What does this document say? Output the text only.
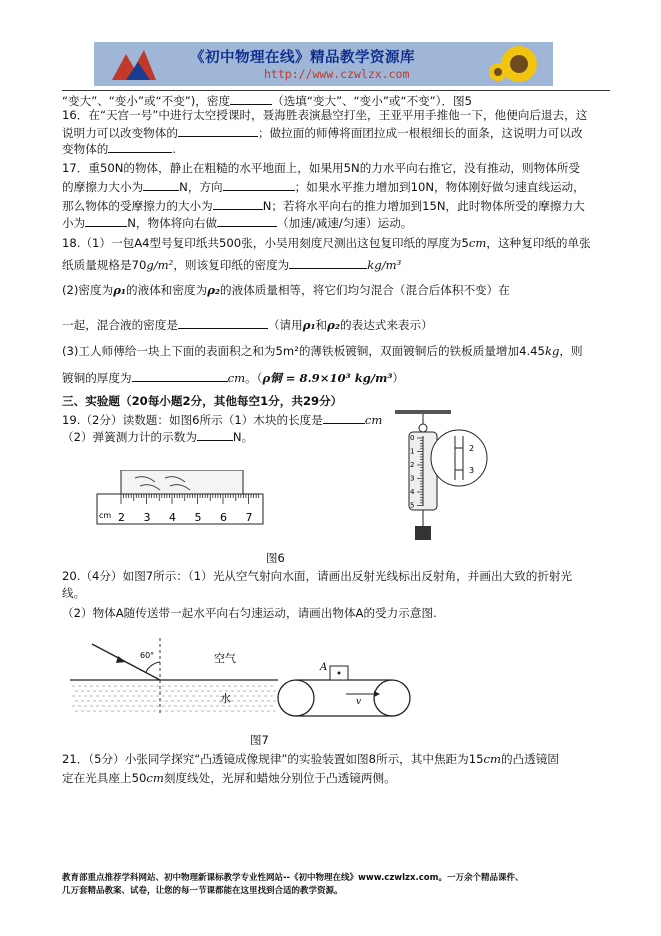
《初中物理在线》精品教学资源库
http://www.czwlzx.com
“变大”、“变小”或“不变”)，密度	（选填“变大”、“变小”或“不变”）．图5
16．在“天宫一号”中进行太空授课时，聂海胜表演悬空打坐，王亚平用手推他一下，他便向后退去，这
说明力可以改变物体的	；做拉面的师傅将面团拉成一根根细长的面条，这说明力可以改
变物体的	.
17．重50N的物体，静止在粗糙的水平地面上，如果用5N的力水平向右推它，没有推动，则物体所受
的摩擦力大小为	N，方向	；如果水平推力增加到10N，物体刚好做匀速直线运动，
那么物体的受摩擦力的大小为	N；若将水平向右的推力增加到15N，此时物体所受的摩擦力大
小为	N，物体将向右做	（加速/减速/匀速）运动。
18.（1）一包A4型号复印纸共500张，小吴用刻度尺测出这包复印纸的厚度为5cm，这种复印纸的单张
纸质量规格是70g/m²，则该复印纸的密度为	kg/m³
(2)密度为ρ₁的液体和密度为ρ₂的液体质量相等，将它们均匀混合（混合后体积不变）在
一起，混合液的密度是	（请用ρ₁和ρ₂的表达式来表示）
(3)工人师傅给一块上下面的表面积之和为5m²的薄铁板镀铜，双面镀铜后的铁板质量增加4.45kg，则
镀铜的厚度为	cm。（ρ铜 = 8.9×10³ kg/m³）
三、实验题（20每小题2分，其他每空1分，共29分）
19.（2分）读数题：如图6所示（1）木块的长度是	cm
（2）弹簧测力计的示数为	N。
cm 2 3 4 5 6 7
0
1
2
3
4
5
2
3
图6
20.（4分）如图7所示：（1）光从空气射向水面，请画出反射光线标出反射角，并画出大致的折射光
线。
（2）物体A随传送带一起水平向右匀速运动，请画出物体A的受力示意图.
60°	空气
水
A
v
图7
21．（5分）小张同学探究“凸透镜成像规律”的实验装置如图8所示，其中焦距为15cm的凸透镜固
定在光具座上50cm刻度线处，光屏和蜡烛分别位于凸透镜两侧。
教育部重点推荐学科网站、初中物理新课标教学专业性网站--《初中物理在线》www.czwlzx.com。一万余个精品课件、
几万套精品教案、试卷，让您的每一节课都能在这里找到合适的教学资源。
